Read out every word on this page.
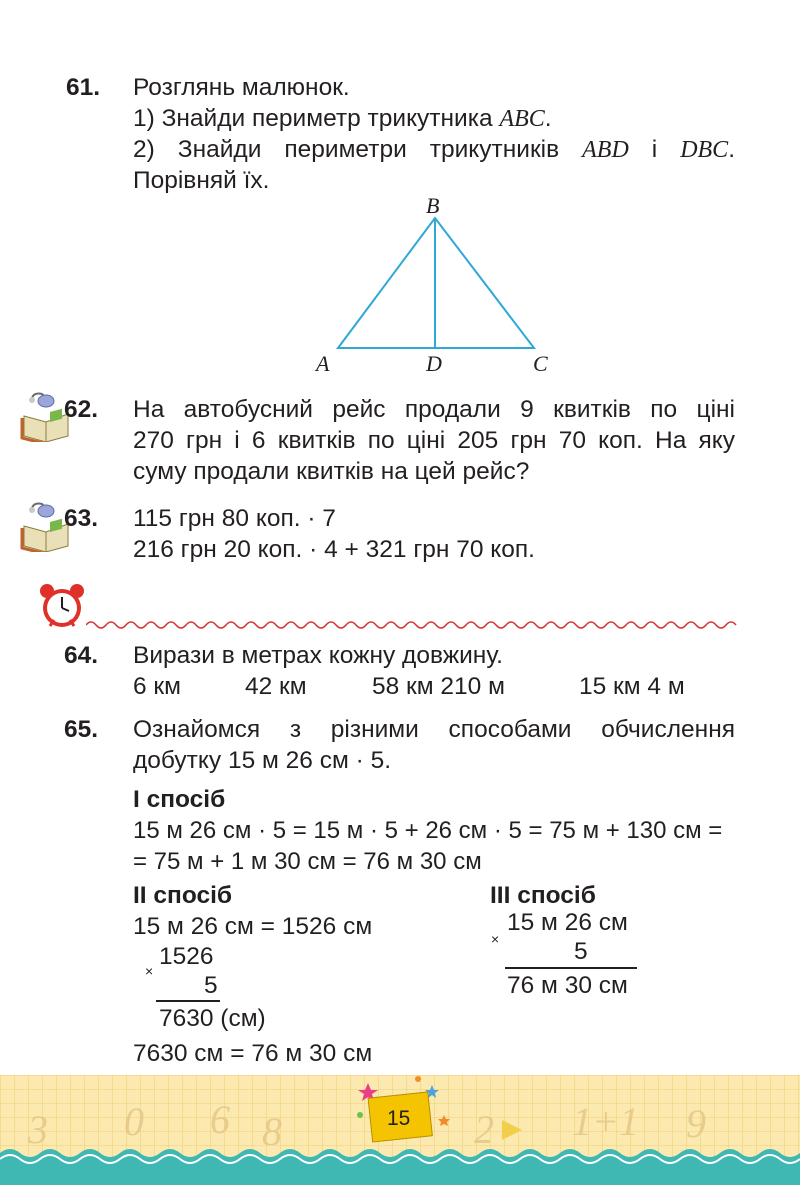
61. Розглянь малюнок.
1) Знайди периметр трикутника ABC.
2) Знайди периметри трикутників ABD і DBC.
Порівняй їх.
B
A	D	C
62. На автобусний рейс продали 9 квитків по ціні
270 грн і 6 квитків по ціні 205 грн 70 коп. На яку
суму продали квитків на цей рейс?
63. 115 грн 80 коп. · 7
216 грн 20 коп. · 4 + 321 грн 70 коп.
64. Вирази в метрах кожну довжину.
6 км	42 км	58 км 210 м	15 км 4 м
65. Ознайомся з різними способами обчислення
добутку 15 м 26 см · 5.
І спосіб
15 м 26 см · 5 = 15 м · 5 + 26 см · 5 = 75 м + 130 см =
= 75 м + 1 м 30 см = 76 м 30 см
ІІ спосіб
15 м 26 см = 1526 см
×
1526
5
7630 (см)
7630 см = 76 м 30 см
ІІІ спосіб
×
15 м 26 см
5
76 м 30 см
3 0 6 8	2 1+1 9
15
